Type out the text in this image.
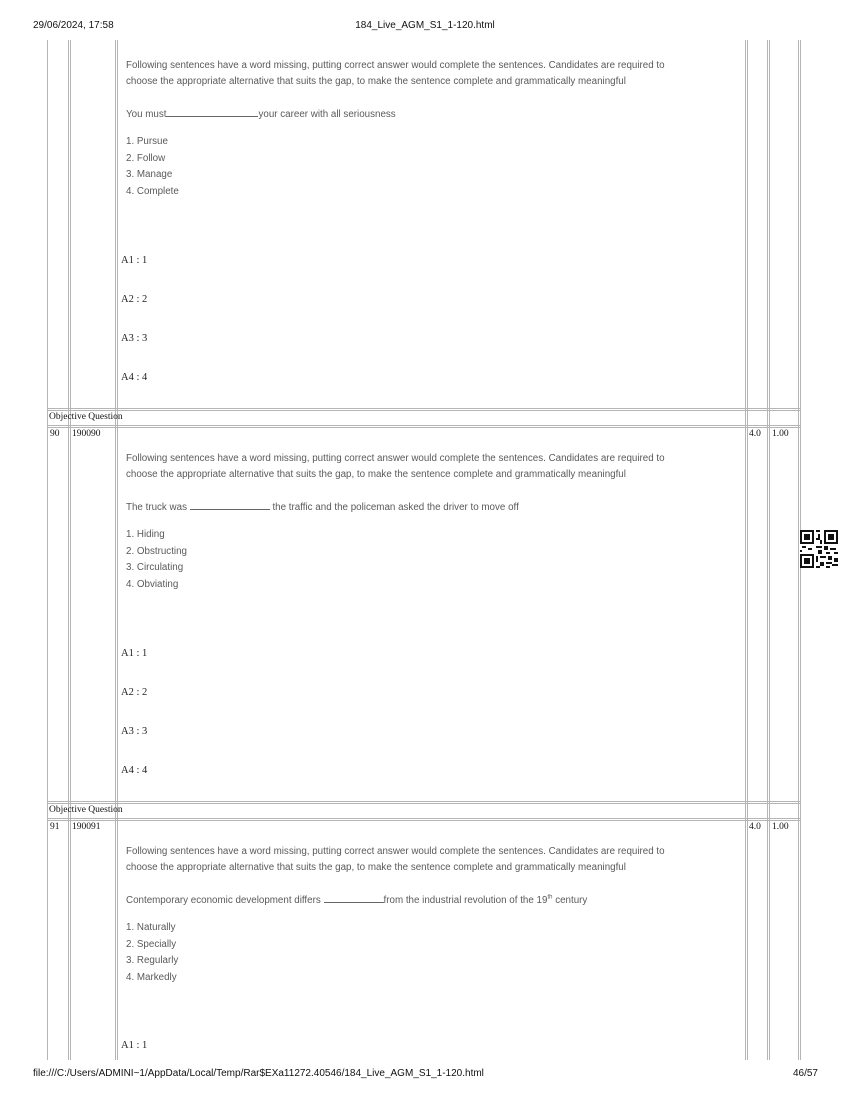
29/06/2024, 17:58	184_Live_AGM_S1_1-120.html
file:///C:/Users/ADMINI~1/AppData/Local/Temp/Rar$EXa11272.40546/184_Live_AGM_S1_1-120.html	46/57
Following sentences have a word missing, putting correct answer would complete the sentences. Candidates are required to
choose the appropriate alternative that suits the gap, to make the sentence complete and grammatically meaningful
You must	your career with all seriousness
1. Pursue
2. Follow
3. Manage
4. Complete
A1 : 1
A2 : 2
A3 : 3
A4 : 4
Objective Question
90 190090	4.0 1.00
Following sentences have a word missing, putting correct answer would complete the sentences. Candidates are required to
choose the appropriate alternative that suits the gap, to make the sentence complete and grammatically meaningful
The truck was	the traffic and the policeman asked the driver to move off
1. Hiding
2. Obstructing
3. Circulating
4. Obviating
A1 : 1
A2 : 2
A3 : 3
A4 : 4
Objective Question
91 190091	4.0 1.00
Following sentences have a word missing, putting correct answer would complete the sentences. Candidates are required to
choose the appropriate alternative that suits the gap, to make the sentence complete and grammatically meaningful
Contemporary economic development differs	from the industrial revolution of the 19th century
1. Naturally
2. Specially
3. Regularly
4. Markedly
A1 : 1
